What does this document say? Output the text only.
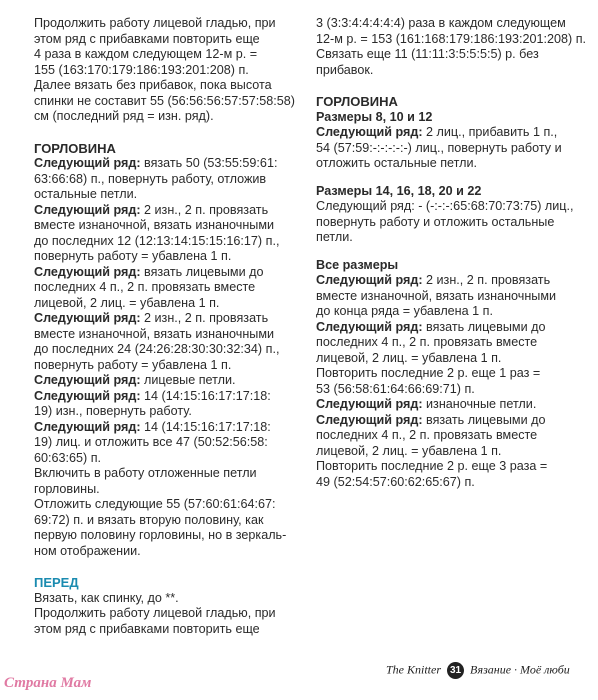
Продолжить работу лицевой гладью, при

этом ряд с прибавками повторить еще

4 раза в каждом следующем 12-м р. =

155 (163:170:179:186:193:201:208) п.

Далее вязать без прибавок, пока высота

спинки не составит 55 (56:56:56:57:57:58:58)

см (последний ряд = изн. ряд).

ГОРЛОВИНА

Следующий ряд: вязать 50 (53:55:59:61:

63:66:68) п., повернуть работу, отложив

остальные петли.

Следующий ряд: 2 изн., 2 п. провязать

вместе изнаночной, вязать изнаночными

до последних 12 (12:13:14:15:15:16:17) п.,

повернуть работу = убавлена 1 п.

Следующий ряд: вязать лицевыми до

последних 4 п., 2 п. провязать вместе

лицевой, 2 лиц. = убавлена 1 п.

Следующий ряд: 2 изн., 2 п. провязать

вместе изнаночной, вязать изнаночными

до последних 24 (24:26:28:30:30:32:34) п.,

повернуть работу = убавлена 1 п.

Следующий ряд: лицевые петли.

Следующий ряд: 14 (14:15:16:17:17:18:

19) изн., повернуть работу.

Следующий ряд: 14 (14:15:16:17:17:18:

19) лиц. и отложить все 47 (50:52:56:58:

60:63:65) п.

Включить в работу отложенные петли

горловины.

Отложить следующие 55 (57:60:61:64:67:

69:72) п. и вязать вторую половину, как

первую половину горловины, но в зеркаль-

ном отображении.

ПЕРЕД

Вязать, как спинку, до **.

Продолжить работу лицевой гладью, при

этом ряд с прибавками повторить еще

3 (3:3:4:4:4:4:4) раза в каждом следующем

12-м р. = 153 (161:168:179:186:193:201:208) п.

Связать еще 11 (11:11:3:5:5:5:5) р. без

прибавок.

ГОРЛОВИНА

Размеры 8, 10 и 12

Следующий ряд: 2 лиц., прибавить 1 п.,

54 (57:59:-:-:-:-:-) лиц., повернуть работу и

отложить остальные петли.

Размеры 14, 16, 18, 20 и 22

Следующий ряд: - (-:-:-:65:68:70:73:75) лиц.,

повернуть работу и отложить остальные

петли.

Все размеры

Следующий ряд: 2 изн., 2 п. провязать

вместе изнаночной, вязать изнаночными

до конца ряда = убавлена 1 п.

Следующий ряд: вязать лицевыми до

последних 4 п., 2 п. провязать вместе

лицевой, 2 лиц. = убавлена 1 п.

Повторить последние 2 р. еще 1 раз =

53 (56:58:61:64:66:69:71) п.

Следующий ряд: изнаночные петли.

Следующий ряд: вязать лицевыми до

последних 4 п., 2 п. провязать вместе

лицевой, 2 лиц. = убавлена 1 п.

Повторить последние 2 р. еще 3 раза =

49 (52:54:57:60:62:65:67) п.

The Knitter 31 Вязание · Моё люби
Страна Мам
